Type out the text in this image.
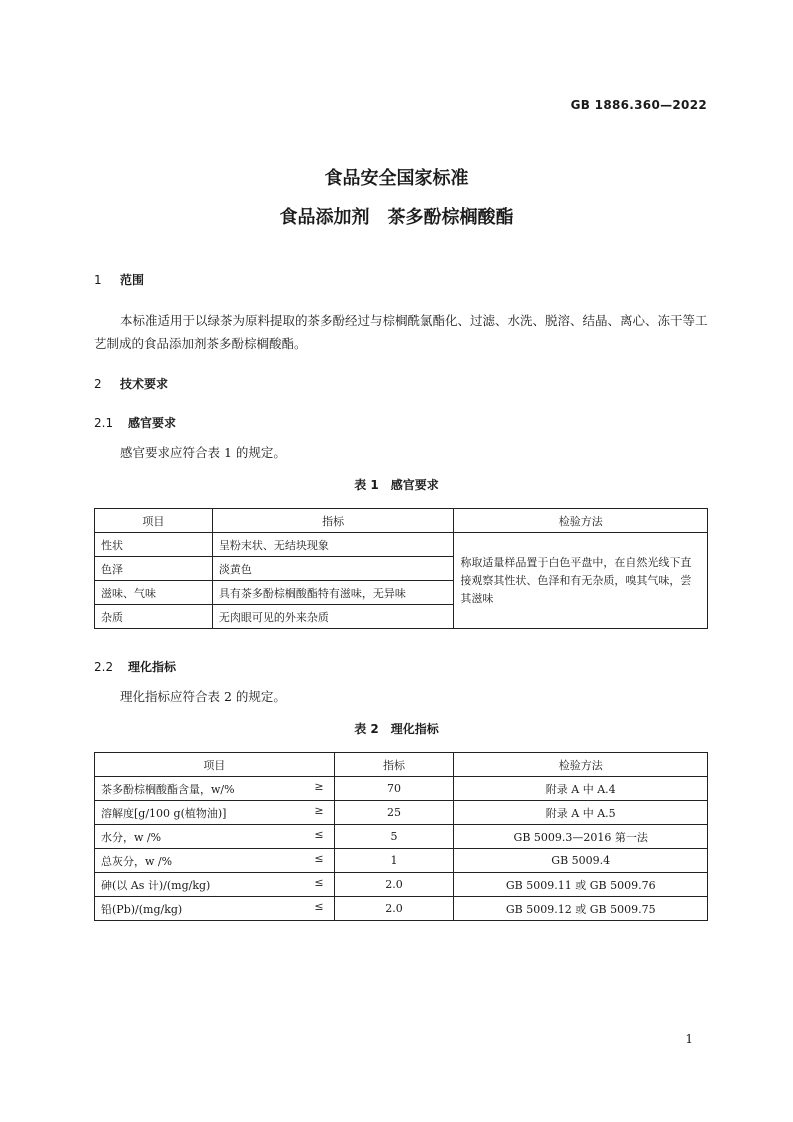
GB 1886.360—2022
食品安全国家标准
食品添加剂　茶多酚棕榈酸酯
1 范围
本标准适用于以绿茶为原料提取的茶多酚经过与棕榈酰氯酯化、过滤、水洗、脱溶、结晶、离心、冻干等工艺制成的食品添加剂茶多酚棕榈酸酯。
2 技术要求
2.1 感官要求
感官要求应符合表 1 的规定。
表 1　感官要求
项目	指标	检验方法
性状	呈粉末状、无结块现象	称取适量样品置于白色平盘中，在自然光线下直接观察其性状、色泽和有无杂质，嗅其气味，尝其滋味
色泽	淡黄色	
滋味、气味	具有茶多酚棕榈酸酯特有滋味，无异味	
杂质	无肉眼可见的外来杂质	
2.2 理化指标
理化指标应符合表 2 的规定。
表 2　理化指标
项目	指标	检验方法
茶多酚棕榈酸酯含量，w/% ≥	70	附录 A 中 A.4
溶解度[g/100 g(植物油)] ≥	25	附录 A 中 A.5
水分，w /% ≤	5	GB 5009.3—2016 第一法
总灰分，w /% ≤	1	GB 5009.4
砷(以 As 计)/(mg/kg) ≤	2.0	GB 5009.11 或 GB 5009.76
铅(Pb)/(mg/kg) ≤	2.0	GB 5009.12 或 GB 5009.75
1
